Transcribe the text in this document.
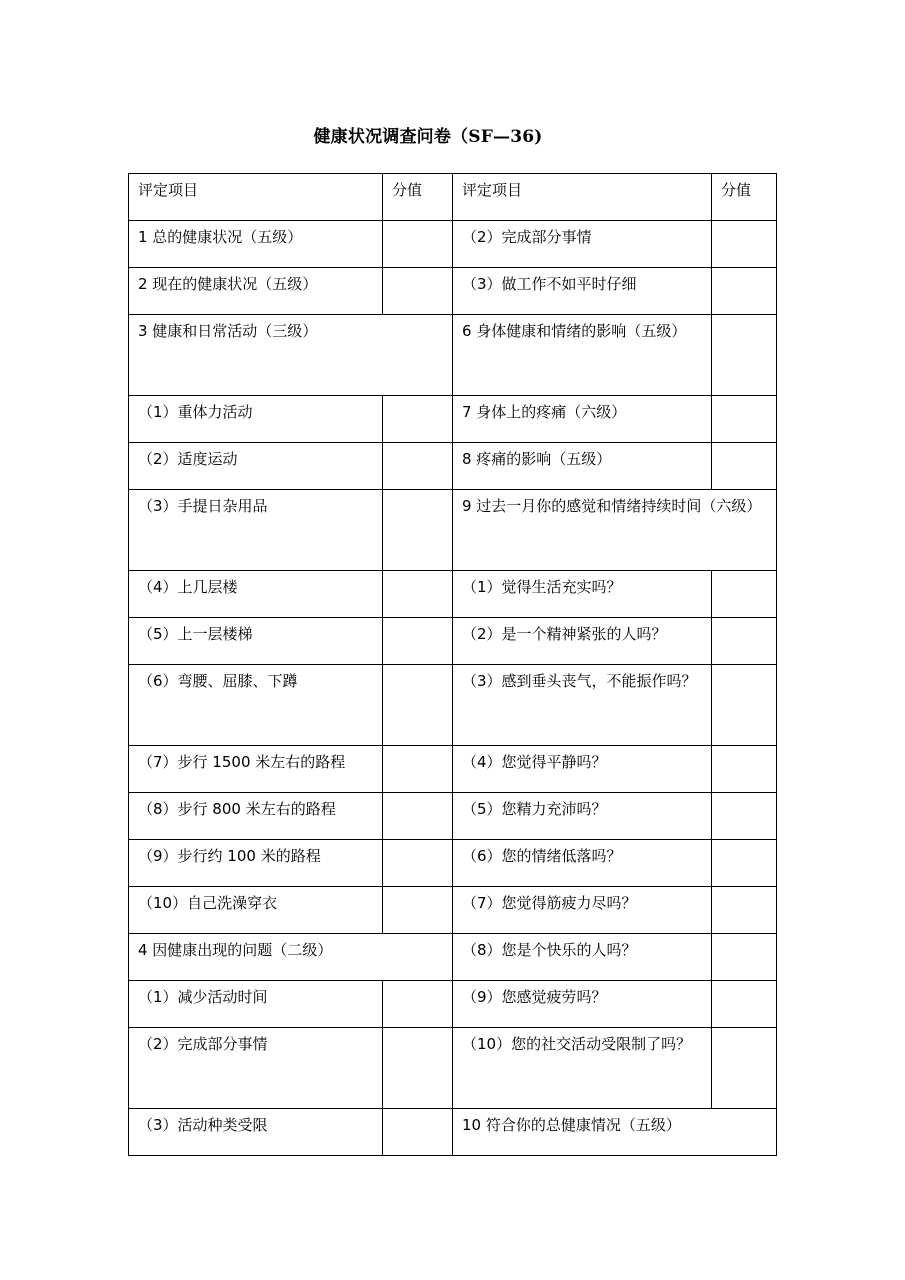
健康状况调查问卷（SF—36)
评定项目	分值	评定项目	分值
1 总的健康状况（五级）		（2）完成部分事情	
2 现在的健康状况（五级）		（3）做工作不如平时仔细	
3 健康和日常活动（三级）		6 身体健康和情绪的影响（五级）	
（1）重体力活动		7 身体上的疼痛（六级）	
（2）适度运动		8 疼痛的影响（五级）	
（3）手提日杂用品		9 过去一月你的感觉和情绪持续时间（六级）	
（4）上几层楼		（1）觉得生活充实吗？	
（5）上一层楼梯		（2）是一个精神紧张的人吗？	
（6）弯腰、屈膝、下蹲		（3）感到垂头丧气，不能振作吗？	
（7）步行 1500 米左右的路程		（4）您觉得平静吗？	
（8）步行 800 米左右的路程		（5）您精力充沛吗？	
（9）步行约 100 米的路程		（6）您的情绪低落吗？	
（10）自己洗澡穿衣		（7）您觉得筋疲力尽吗？	
4 因健康出现的问题（二级）		（8）您是个快乐的人吗？	
（1）减少活动时间		（9）您感觉疲劳吗？	
（2）完成部分事情		（10）您的社交活动受限制了吗？	
（3）活动种类受限		10 符合你的总健康情况（五级）	
